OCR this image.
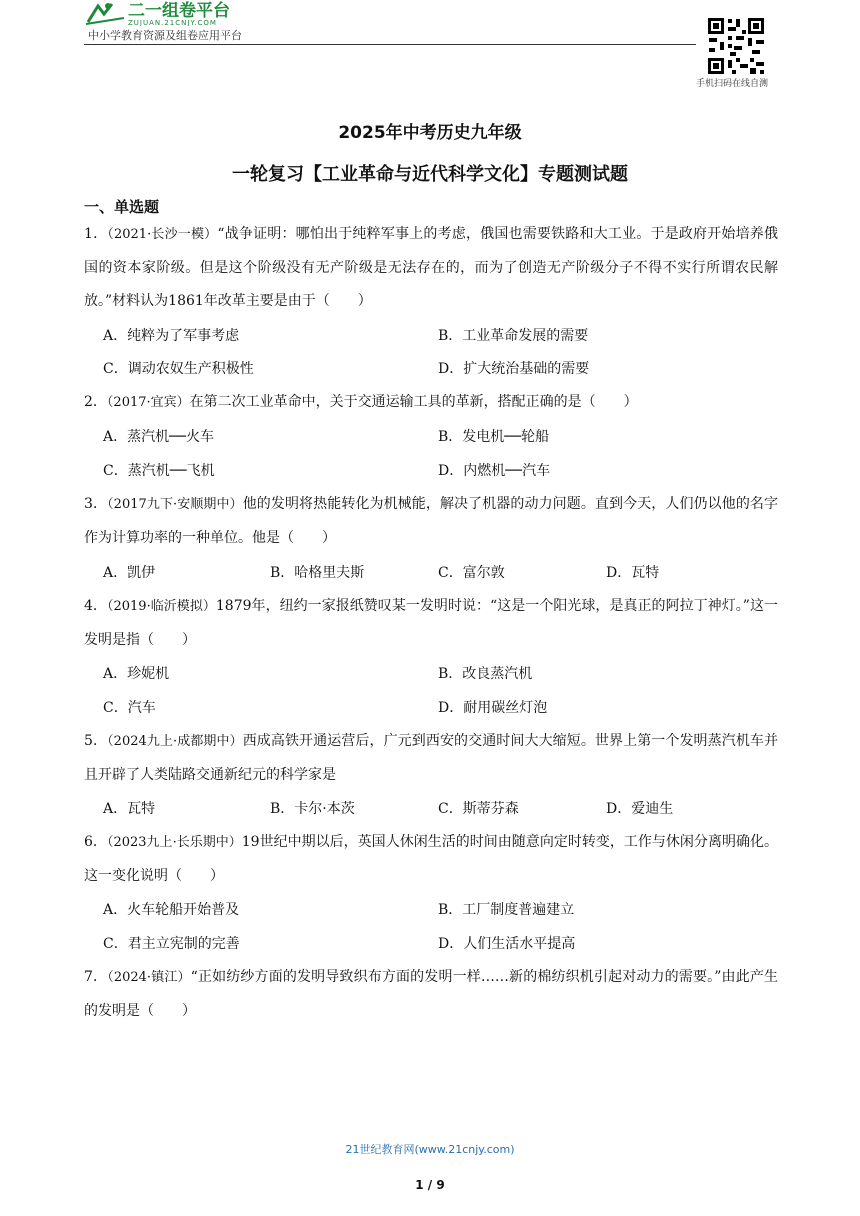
二一组卷平台
ZUJUAN.21CNJY.COM
中小学教育资源及组卷应用平台
手机扫码在线自测
2025年中考历史九年级
一轮复习【工业革命与近代科学文化】专题测试题
一、单选题
1．（2021·长沙一模）“战争证明：哪怕出于纯粹军事上的考虑，俄国也需要铁路和大工业。于是政府开始培养俄国的资本家阶级。但是这个阶级没有无产阶级是无法存在的，而为了创造无产阶级分子不得不实行所谓农民解放。”材料认为1861年改革主要是由于（　　）
A．纯粹为了军事考虑	B．工业革命发展的需要
C．调动农奴生产积极性	D．扩大统治基础的需要
2．（2017·宜宾）在第二次工业革命中，关于交通运输工具的革新，搭配正确的是（　　）
A．蒸汽机──火车	B．发电机──轮船
C．蒸汽机──飞机	D．内燃机──汽车
3．（2017九下·安顺期中）他的发明将热能转化为机械能，解决了机器的动力问题。直到今天，人们仍以他的名字作为计算功率的一种单位。他是（　　）
A．凯伊	B．哈格里夫斯	C．富尔敦	D．瓦特
4．（2019·临沂模拟）1879年，纽约一家报纸赞叹某一发明时说：“这是一个阳光球，是真正的阿拉丁神灯。”这一发明是指（　　）
A．珍妮机	B．改良蒸汽机
C．汽车	D．耐用碳丝灯泡
5．（2024九上·成都期中）西成高铁开通运营后，广元到西安的交通时间大大缩短。世界上第一个发明蒸汽机车并且开辟了人类陆路交通新纪元的科学家是
A．瓦特	B．卡尔·本茨	C．斯蒂芬森	D．爱迪生
6．（2023九上·长乐期中）19世纪中期以后，英国人休闲生活的时间由随意向定时转变，工作与休闲分离明确化。这一变化说明（　　）
A．火车轮船开始普及	B．工厂制度普遍建立
C．君主立宪制的完善	D．人们生活水平提高
7．（2024·镇江）“正如纺纱方面的发明导致织布方面的发明一样……新的棉纺织机引起对动力的需要。”由此产生的发明是（　　）
21世纪教育网(www.21cnjy.com)
1 / 9
